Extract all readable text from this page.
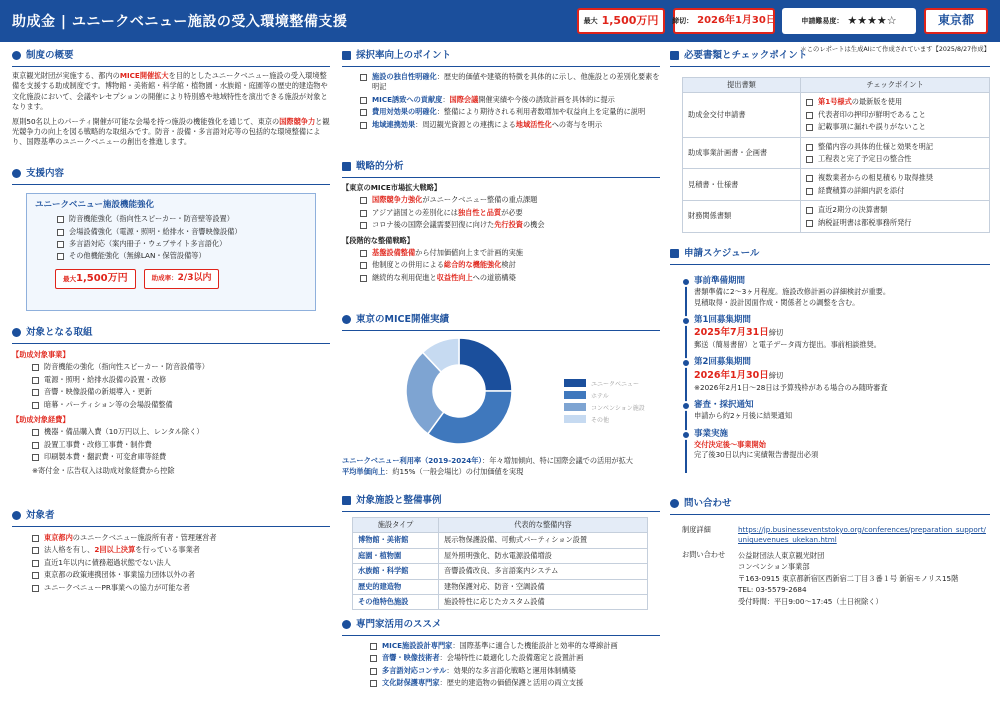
助成金 | ユニークベニュー施設の受入環境整備支援	最大 1,500万円 締切： 2026年1月30日	申請難易度： ★★★★☆	東京都
制度の概要

東京観光財団が実施する、都内のMICE開催拡大を目的としたユニークベニュー施設の受入環境整備を支援する助成制度です。博物館・美術館・科学館・植物園・水族館・庭園等の歴史的建造物や文化施設において、会議やレセプションの開催により特別感や地域特性を演出できる施設が対象となります。

原則50名以上のパーティ開催が可能な会場を持つ施設の機能強化を通じて、東京の国際競争力と観光競争力の向上を図る戦略的な取組みです。防音・設備・多言語対応等の包括的な環境整備により、国際基準のユニークベニューの創出を推進します。

支援内容
ユニークベニュー施設機能強化
防音機能強化（指向性スピーカー・防音壁等設置）
会場設備強化（電源・照明・給排水・音響映像設備）
多言語対応（案内冊子・ウェブサイト多言語化）
その他機能強化（無線LAN・保管設備等）
最大1,500万円	助成率：2/3以内
対象となる取組
【助成対象事業】
防音機能の強化（指向性スピーカー・防音設備等）
電源・照明・給排水設備の設置・改修
音響・映像設備の新規導入・更新
暗幕・パーティション等の会場設備整備
【助成対象経費】
機器・備品購入費（10万円以上、レンタル除く）
設置工事費・改修工事費・制作費
印刷製本費・翻訳費・可変倉庫等経費
※寄付金・広告収入は助成対象経費から控除
対象者
東京都内のユニークベニュー施設所有者・管理運営者
法人格を有し、2回以上決算を行っている事業者
直近1年以内に債務超過状態でない法人
東京都の政策連携団体・事業協力団体以外の者
ユニークベニューPR事業への協力が可能な者
採択率向上のポイント
施設の独自性明確化：歴史的価値や建築的特徴を具体的に示し、他施設との差別化要素を明記
MICE誘致への貢献度：国際会議開催実績や今後の誘致計画を具体的に提示
費用対効果の明確化：整備により期待される利用者数増加や収益向上を定量的に説明
地域連携効果：周辺観光資源との連携による地域活性化への寄与を明示
戦略的分析
【東京のMICE市場拡大戦略】
国際競争力強化がユニークベニュー整備の重点課題
アジア諸国との差別化には独自性と品質が必要
コロナ後の国際会議需要回復に向けた先行投資の機会
【段階的な整備戦略】
基盤設備整備から付加価値向上まで計画的実施
他制度との併用による総合的な機能強化検討
継続的な利用促進と収益性向上への道筋構築
東京のMICE開催実績
ユニークベニュー
ホテル
コンベンション施設
その他
ユニークベニュー利用率（2019-2024年）：年々増加傾向、特に国際会議での活用が拡大
平均単価向上：約15%（一般会場比）の付加価値を実現
対象施設と整備事例
施設タイプ	代表的な整備内容
博物館・美術館	展示物保護設備、可動式パーティション設置
庭園・植物園	屋外照明強化、防水電源設備増設
水族館・科学館	音響設備改良、多言語案内システム
歴史的建造物	建物保護対応、防音・空調設備
その他特色施設	施設特性に応じたカスタム設備
専門家活用のススメ
MICE施設設計専門家：国際基準に適合した機能設計と効率的な導線計画
音響・映像技術者：会場特性に最適化した設備選定と設置計画
多言語対応コンサル：効果的な多言語化戦略と運用体制構築
文化財保護専門家：歴史的建造物の価値保護と活用の両立支援
必要書類とチェックポイント
＊このレポートは生成AIにて作成されています【2025/8/27作成】
提出書類	チェックポイント
助成金交付申請書	第1号様式の最新版を使用
代表者印の押印が鮮明であること
記載事項に漏れや誤りがないこと

助成事業計画書・企画書	整備内容の具体的仕様と効果を明記
工程表と完了予定日の整合性

見積書・仕様書	複数業者からの相見積もり取得推奨
経費積算の詳細内訳を添付

財務関係書類	直近2期分の決算書類
納税証明書は都税事務所発行
申請スケジュール
事前準備期間
書類準備に2〜3ヶ月程度。施設改修計画の詳細検討が重要。
見積取得・設計図面作成・関係者との調整を含む。
第1回募集期間
2025年7月31日締切
郵送（簡易書留）と電子データ両方提出。事前相談推奨。
第2回募集期間
2026年1月30日締切
※2026年2月1日〜28日は予算残枠がある場合のみ随時審査
審査・採択通知
申請から約2ヶ月後に結果通知
事業実施
交付決定後〜事業開始
完了後30日以内に実績報告書提出必須
問い合わせ
制度詳細	https://jp.businesseventstokyo.org/conferences/preparation_support/uniquevenues_ukekan.html
お問い合わせ	公益財団法人東京観光財団
コンベンション事業部
〒163-0915 東京都新宿区西新宿二丁目３番１号 新宿モノリス15階
TEL: 03-5579-2684
受付時間：平日9:00〜17:45（土日祝除く）
